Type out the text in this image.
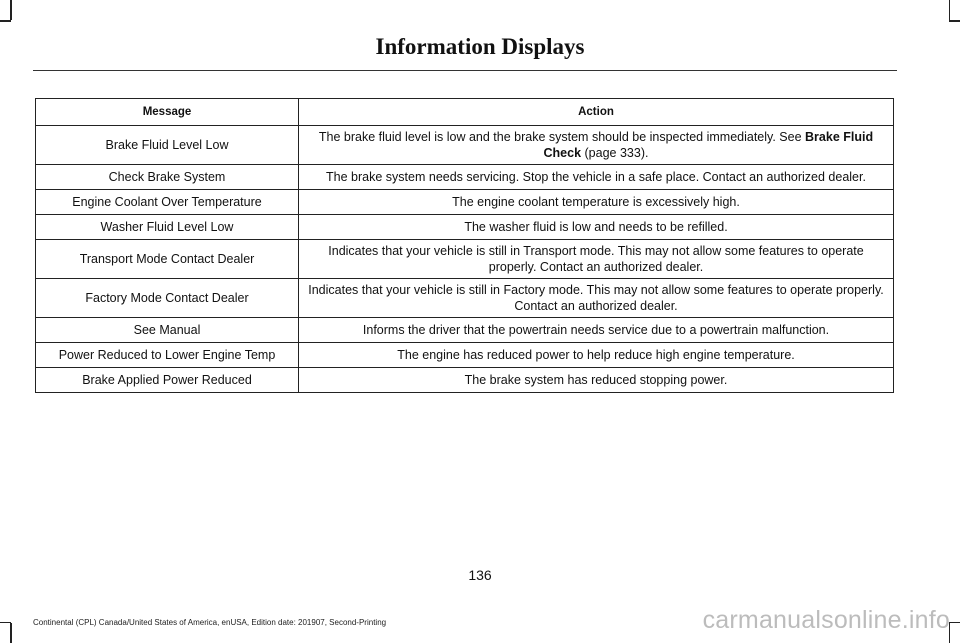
Information Displays
Message	Action
Brake Fluid Level Low	The brake fluid level is low and the brake system should be inspected immediately. See Brake Fluid Check (page 333).
Check Brake System	The brake system needs servicing. Stop the vehicle in a safe place. Contact an authorized dealer.
Engine Coolant Over Temperature	The engine coolant temperature is excessively high.
Washer Fluid Level Low	The washer fluid is low and needs to be refilled.
Transport Mode Contact Dealer	Indicates that your vehicle is still in Transport mode. This may not allow some features to operate properly. Contact an authorized dealer.
Factory Mode Contact Dealer	Indicates that your vehicle is still in Factory mode. This may not allow some features to operate properly. Contact an authorized dealer.
See Manual	Informs the driver that the powertrain needs service due to a powertrain malfunction.
Power Reduced to Lower Engine Temp	The engine has reduced power to help reduce high engine temperature.
Brake Applied Power Reduced	The brake system has reduced stopping power.
136
Continental (CPL) Canada/United States of America, enUSA, Edition date: 201907, Second-Printing	carmanualsonline.info
